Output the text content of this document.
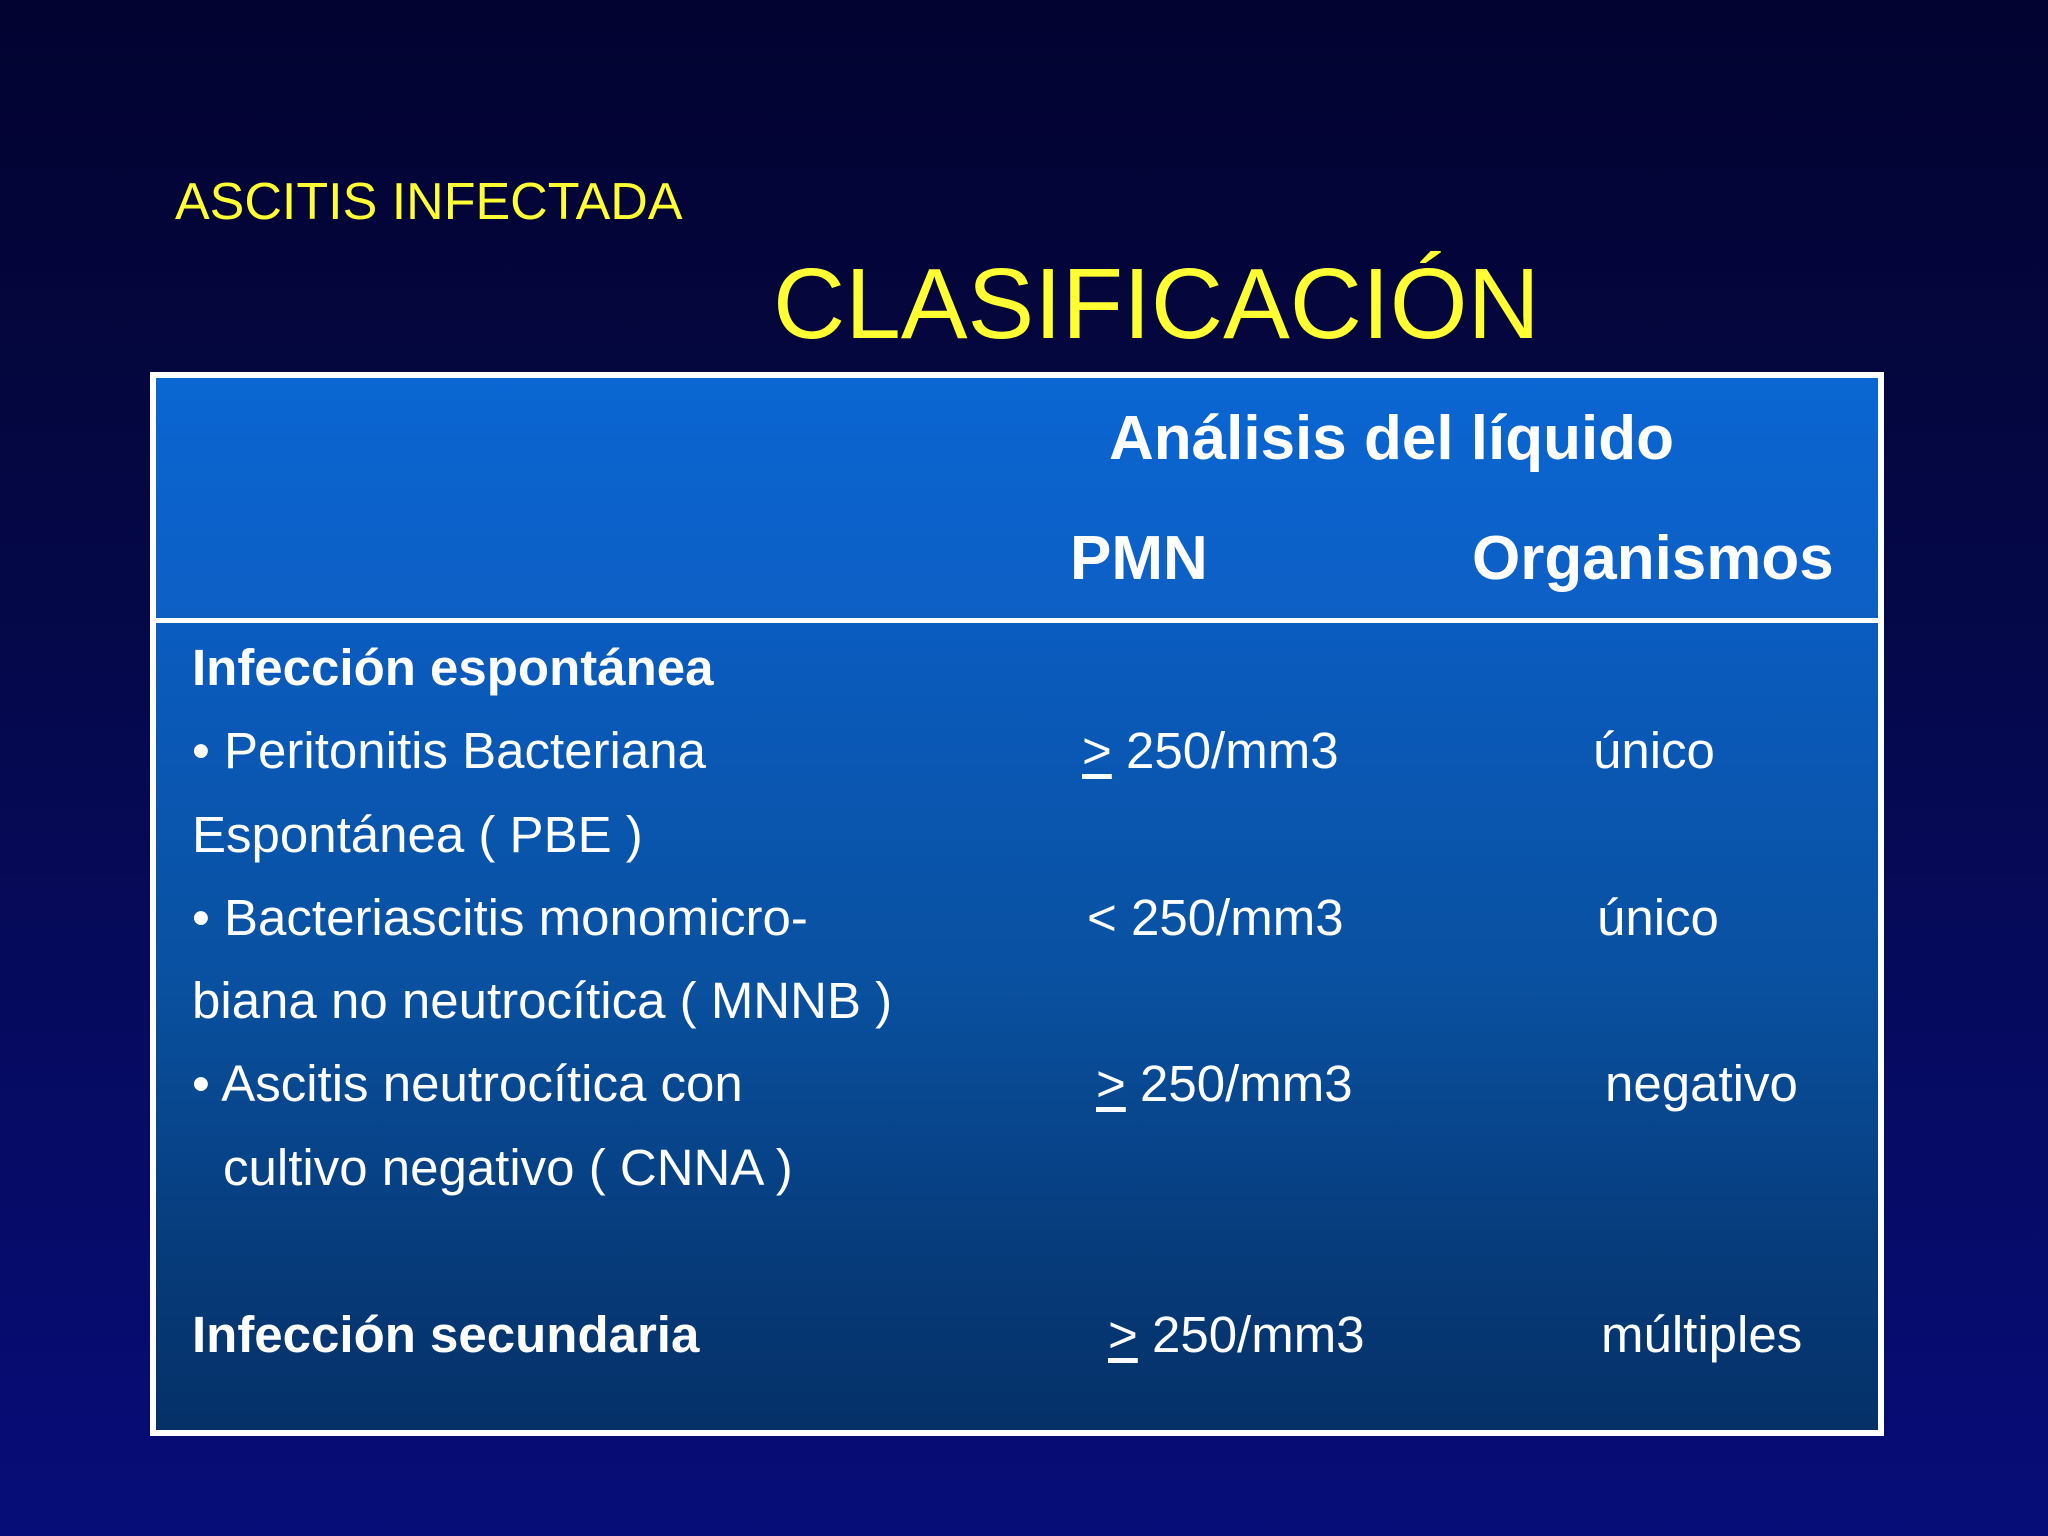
ASCITIS INFECTADA
CLASIFICACIÓN
Análisis del líquido
PMN	Organismos
Infección espontánea
• Peritonitis Bacteriana
Espontánea ( PBE )
> 250/mm3	único
• Bacteriascitis monomicro-
biana no neutrocítica ( MNNB )
< 250/mm3	único
• Ascitis neutrocítica con
cultivo negativo ( CNNA )
> 250/mm3	negativo
Infección secundaria	> 250/mm3	múltiples
